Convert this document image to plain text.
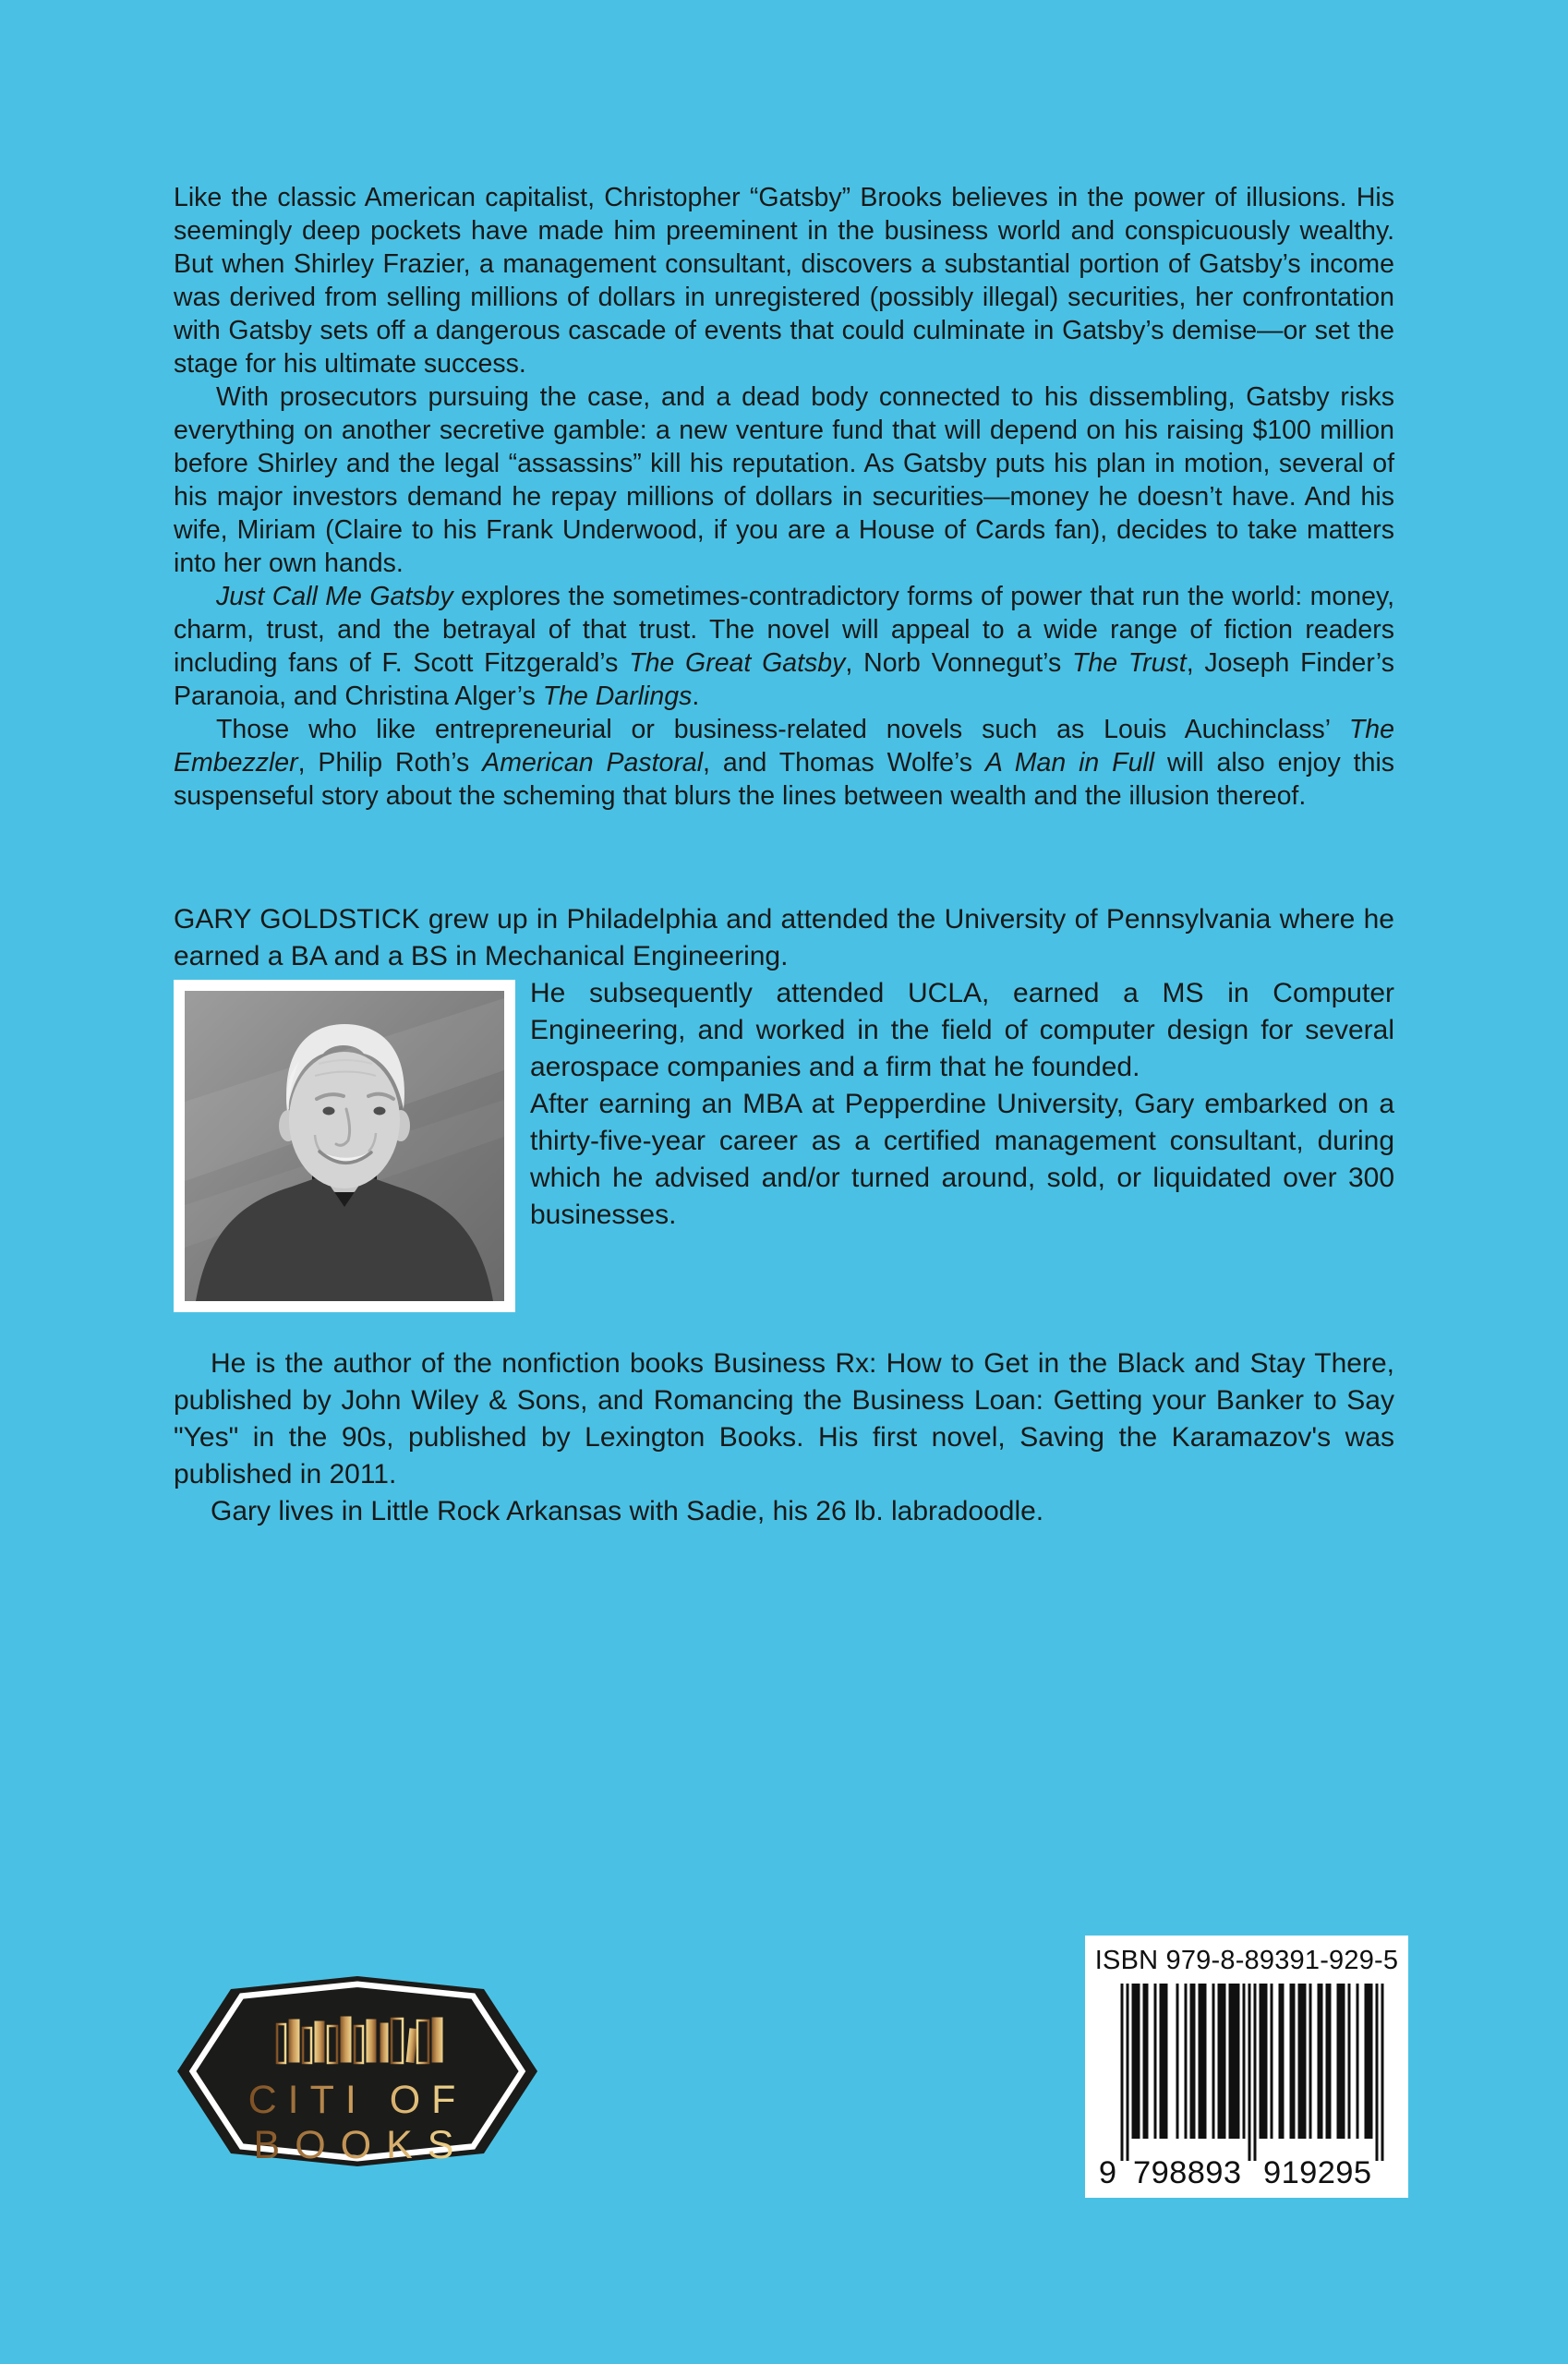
Like the classic American capitalist, Christopher “Gatsby” Brooks believes in the power of illusions. His seemingly deep pockets have made him preeminent in the business world and conspicuously wealthy. But when Shirley Frazier, a management consultant, discovers a substantial portion of Gatsby’s income was derived from selling millions of dollars in unregistered (possibly illegal) securities, her confrontation with Gatsby sets off a dangerous cascade of events that could culminate in Gatsby’s demise—or set the stage for his ultimate success.

With prosecutors pursuing the case, and a dead body connected to his dissembling, Gatsby risks everything on another secretive gamble: a new venture fund that will depend on his raising $100 million before Shirley and the legal “assassins” kill his reputation. As Gatsby puts his plan in motion, several of his major investors demand he repay millions of dollars in securities—money he doesn’t have. And his wife, Miriam (Claire to his Frank Underwood, if you are a House of Cards fan), decides to take matters into her own hands.

Just Call Me Gatsby explores the sometimes-contradictory forms of power that run the world: money, charm, trust, and the betrayal of that trust. The novel will appeal to a wide range of fiction readers including fans of F. Scott Fitzgerald’s The Great Gatsby, Norb Vonnegut’s The Trust, Joseph Finder’s Paranoia, and Christina Alger’s The Darlings.

Those who like entrepreneurial or business-related novels such as Louis Auchinclass’ The Embezzler, Philip Roth’s American Pastoral, and Thomas Wolfe’s A Man in Full will also enjoy this suspenseful story about the scheming that blurs the lines between wealth and the illusion thereof.

GARY GOLDSTICK grew up in Philadelphia and attended the University of Pennsylvania where he earned a BA and a BS in Mechanical Engineering.

He subsequently attended UCLA, earned a MS in Computer Engineering, and worked in the field of computer design for several aerospace companies and a firm that he founded.

After earning an MBA at Pepperdine University, Gary embarked on a thirty-five-year career as a certified management consultant, during which he advised and/or turned around, sold, or liquidated over 300 businesses.

He is the author of the nonfiction books Business Rx: How to Get in the Black and Stay There, published by John Wiley & Sons, and Romancing the Business Loan: Getting your Banker to Say "Yes" in the 90s, published by Lexington Books. His first novel, Saving the Karamazov's was published in 2011.

Gary lives in Little Rock Arkansas with Sadie, his 26 lb. labradoodle.

CITI OF
BOOKS
ISBN 979-8-89391-929-5
9 798893 919295
